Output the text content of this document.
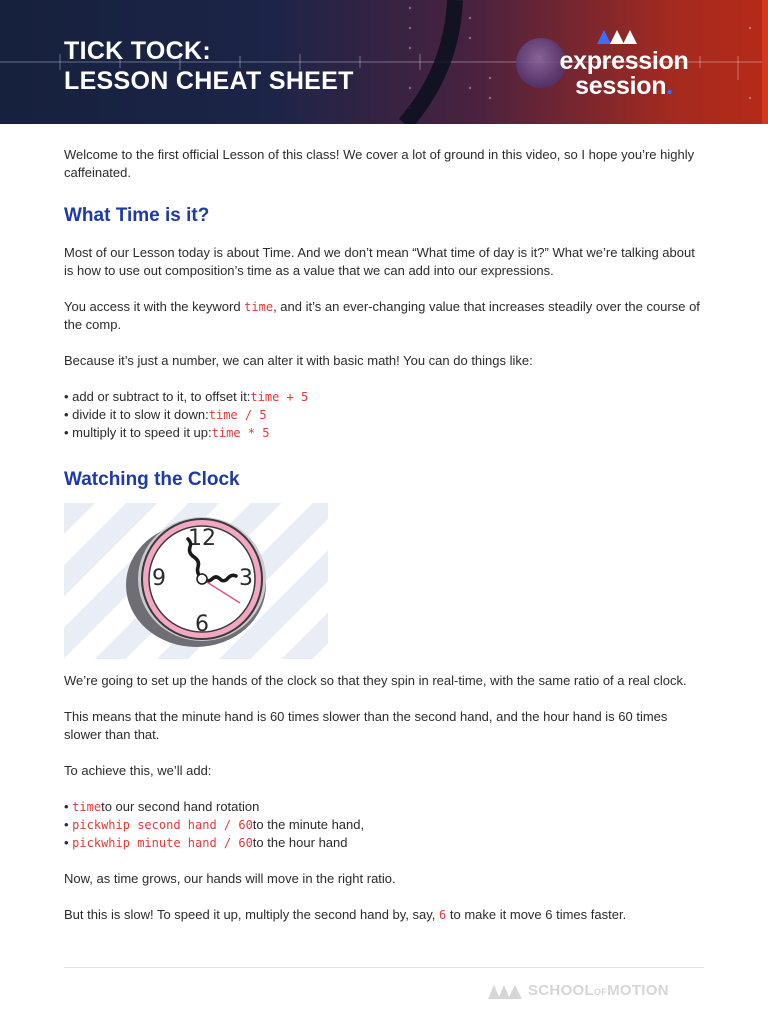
TICK TOCK:
LESSON CHEAT SHEET
expression
session.

Welcome to the first official Lesson of this class! We cover a lot of ground in this video, so I hope you’re highly caffeinated.

What Time is it?

Most of our Lesson today is about Time. And we don’t mean “What time of day is it?” What we’re talking about is how to use out composition’s time as a value that we can add into our expressions.

You access it with the keyword time, and it’s an ever-changing value that increases steadily over the course of the comp.

Because it’s just a number, we can alter it with basic math! You can do things like:

• add or subtract to it, to offset it: time + 5

• divide it to slow it down: time / 5

• multiply it to speed it up: time * 5

Watching the Clock
12
3
6
9

We’re going to set up the hands of the clock so that they spin in real-time, with the same ratio of a real clock.

This means that the minute hand is 60 times slower than the second hand, and the hour hand is 60 times slower than that.

To achieve this, we’ll add:

• time to our second hand rotation

• pickwhip second hand / 60 to the minute hand,

• pickwhip minute hand / 60 to the hour hand

Now, as time grows, our hands will move in the right ratio.

But this is slow! To speed it up, multiply the second hand by, say, 6 to make it move 6 times faster.

SCHOOLOFMOTION
